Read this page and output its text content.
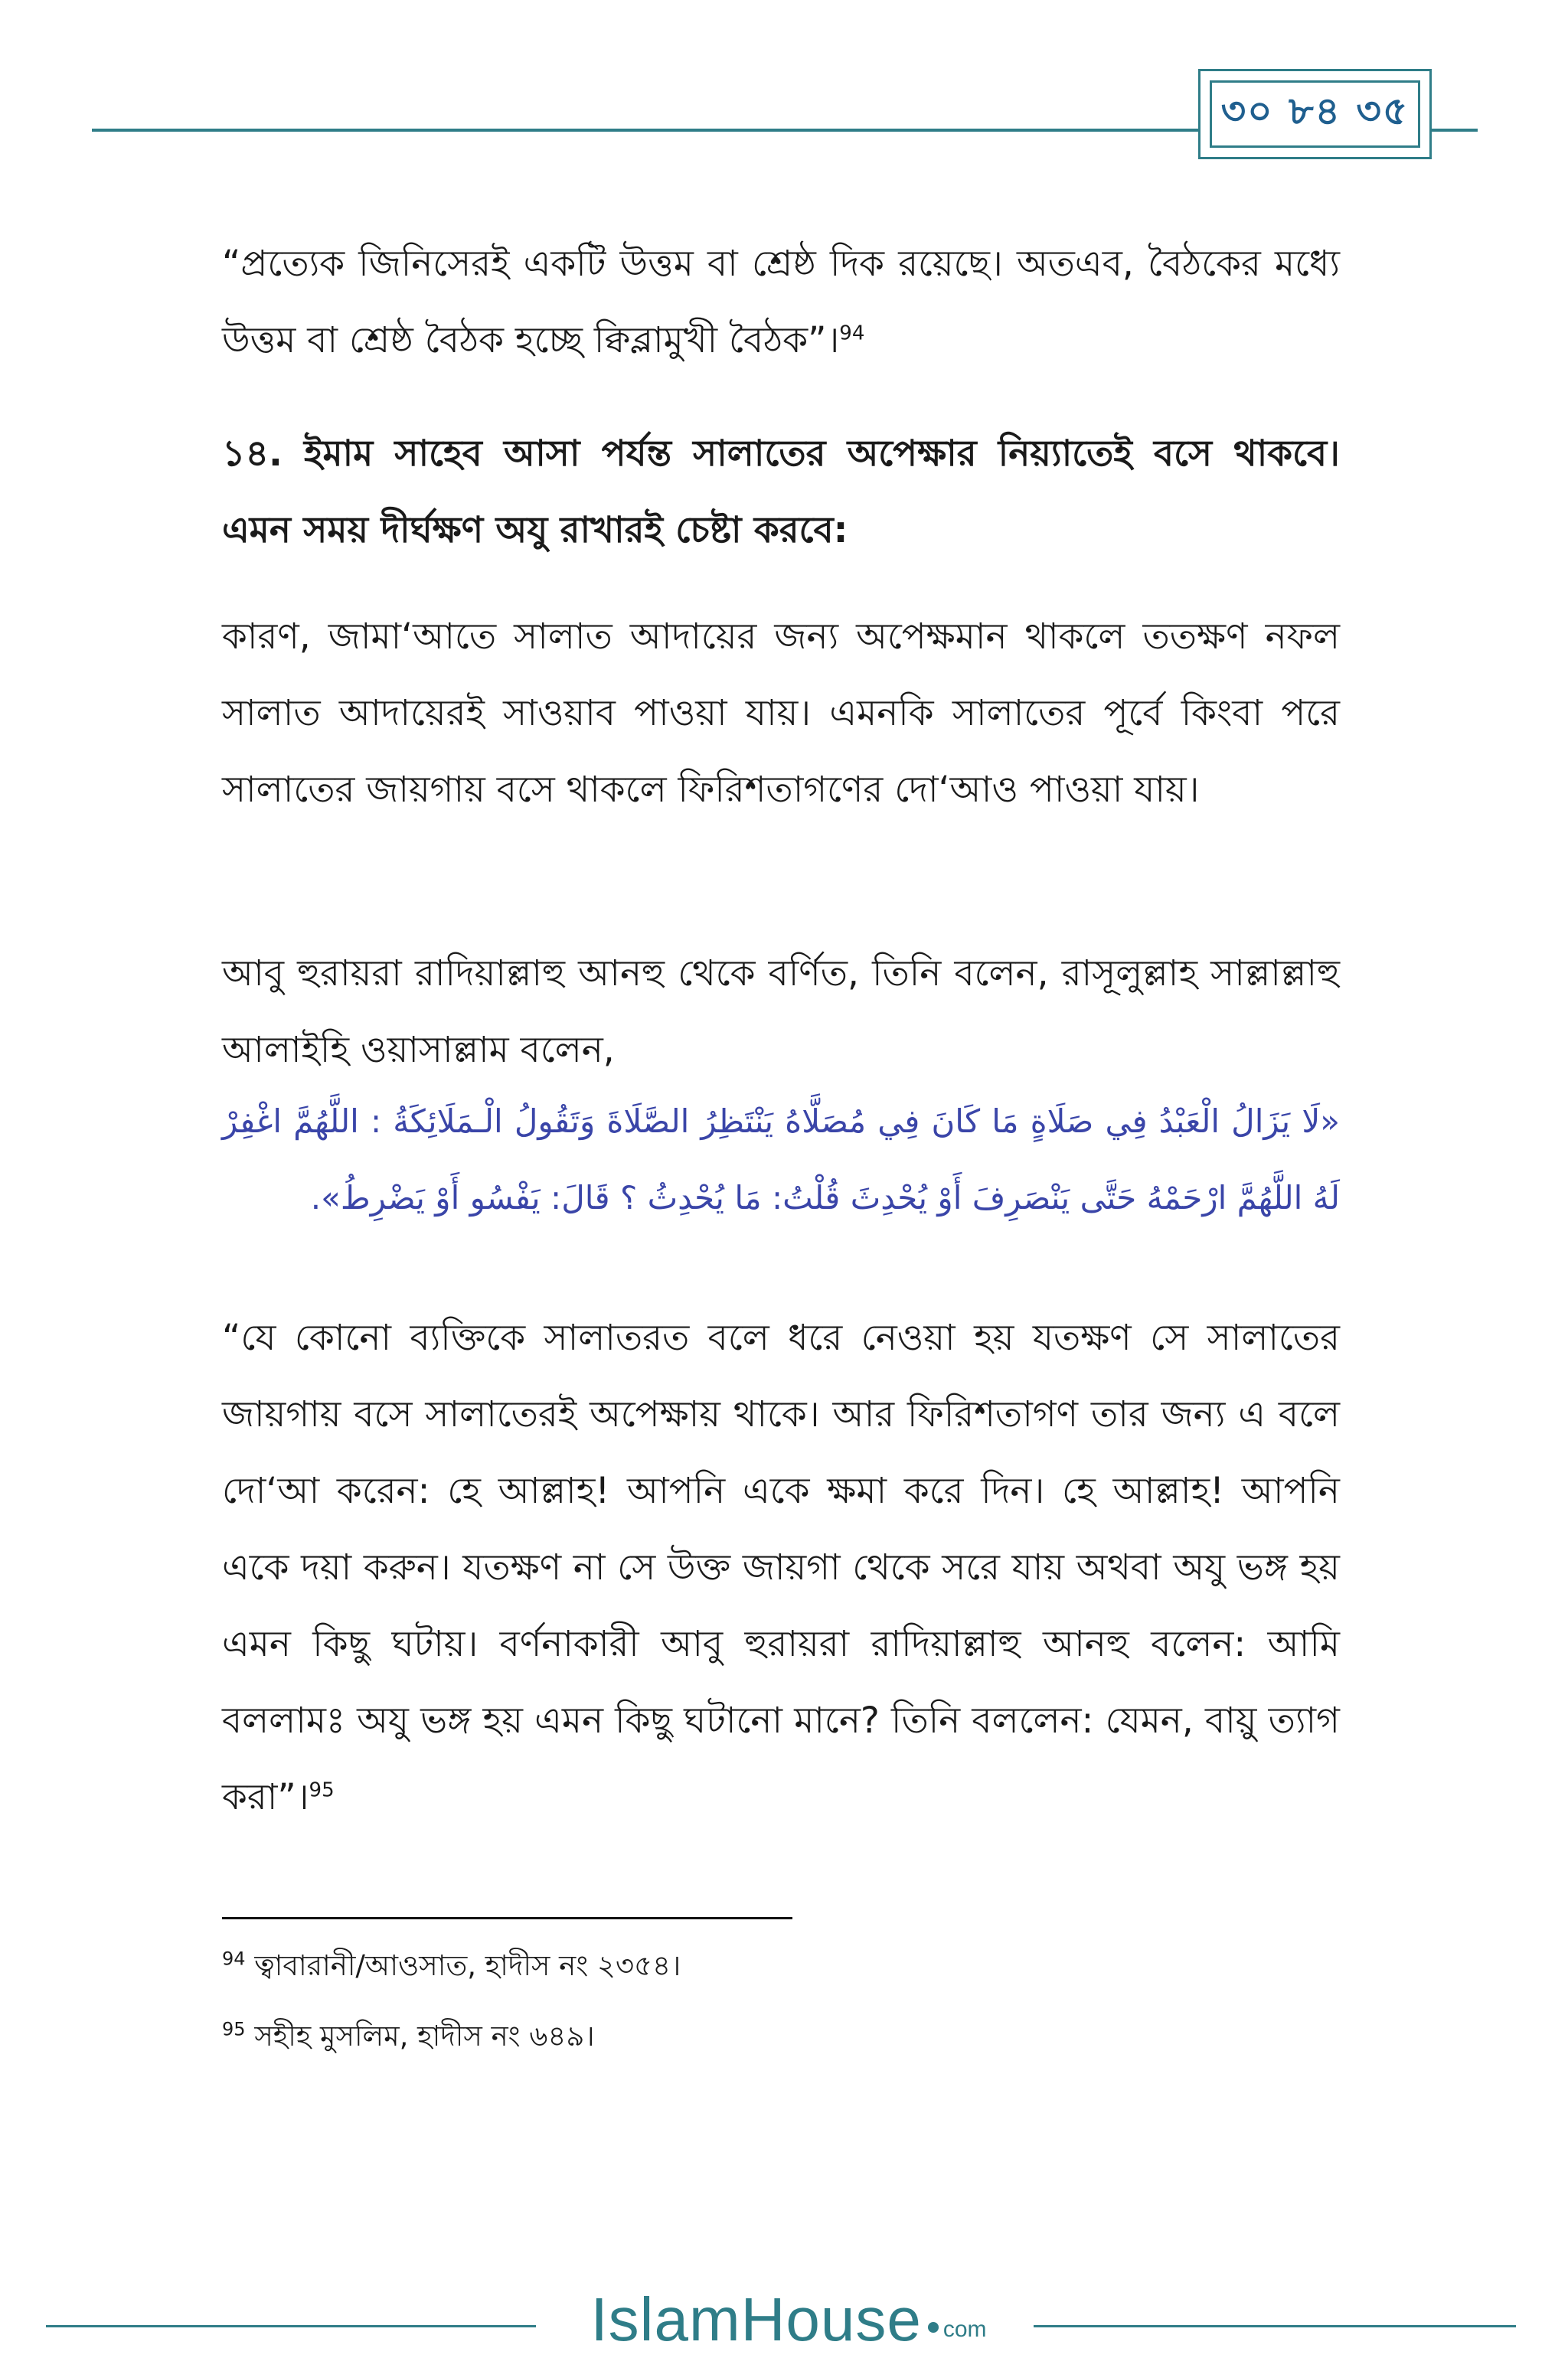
৩০ ৮৪ ৩৫

“প্রত্যেক জিনিসেরই একটি উত্তম বা শ্রেষ্ঠ দিক রয়েছে। অতএব, বৈঠকের মধ্যে উত্তম বা শ্রেষ্ঠ বৈঠক হচ্ছে ক্বিব্লামুখী বৈঠক”।$^{94}$

১৪. ইমাম সাহেব আসা পর্যন্ত সালাতের অপেক্ষার নিয়্যাতেই বসে থাকবে। এমন সময় দীর্ঘক্ষণ অযু রাখারই চেষ্টা করবে:

কারণ, জামা‘আতে সালাত আদায়ের জন্য অপেক্ষমান থাকলে ততক্ষণ নফল সালাত আদায়েরই সাওয়াব পাওয়া যায়। এমনকি সালাতের পূর্বে কিংবা পরে সালাতের জায়গায় বসে থাকলে ফিরিশতাগণের দো‘আও পাওয়া যায়।

আবু হুরায়রা রাদিয়াল্লাহু আনহু থেকে বর্ণিত, তিনি বলেন, রাসূলুল্লাহ সাল্লাল্লাহু আলাইহি ওয়াসাল্লাম বলেন,

«لَا يَزَالُ الْعَبْدُ فِي صَلَاةٍ مَا كَانَ فِي مُصَلَّاهُ يَنْتَظِرُ الصَّلَاةَ وَتَقُولُ الْـمَلَائِكَةُ : اللَّهُمَّ اغْفِرْ لَهُ اللَّهُمَّ ارْحَمْهُ حَتَّى يَنْصَرِفَ أَوْ يُحْدِثَ قُلْتُ: مَا يُحْدِثُ ؟ قَالَ: يَفْسُو أَوْ يَضْرِطُ».

“যে কোনো ব্যক্তিকে সালাতরত বলে ধরে নেওয়া হয় যতক্ষণ সে সালাতের জায়গায় বসে সালাতেরই অপেক্ষায় থাকে। আর ফিরিশতাগণ তার জন্য এ বলে দো‘আ করেন: হে আল্লাহ! আপনি একে ক্ষমা করে দিন। হে আল্লাহ! আপনি একে দয়া করুন। যতক্ষণ না সে উক্ত জায়গা থেকে সরে যায় অথবা অযু ভঙ্গ হয় এমন কিছু ঘটায়। বর্ণনাকারী আবু হুরায়রা রাদিয়াল্লাহু আনহু বলেন: আমি বললামঃ অযু ভঙ্গ হয় এমন কিছু ঘটানো মানে? তিনি বললেন: যেমন, বায়ু ত্যাগ করা”।$^{95}$

$^{94}$ ত্বাবারানী/আওসাত, হাদীস নং ২৩৫৪।
$^{95}$ সহীহ মুসলিম, হাদীস নং ৬৪৯।
IslamHouse com
